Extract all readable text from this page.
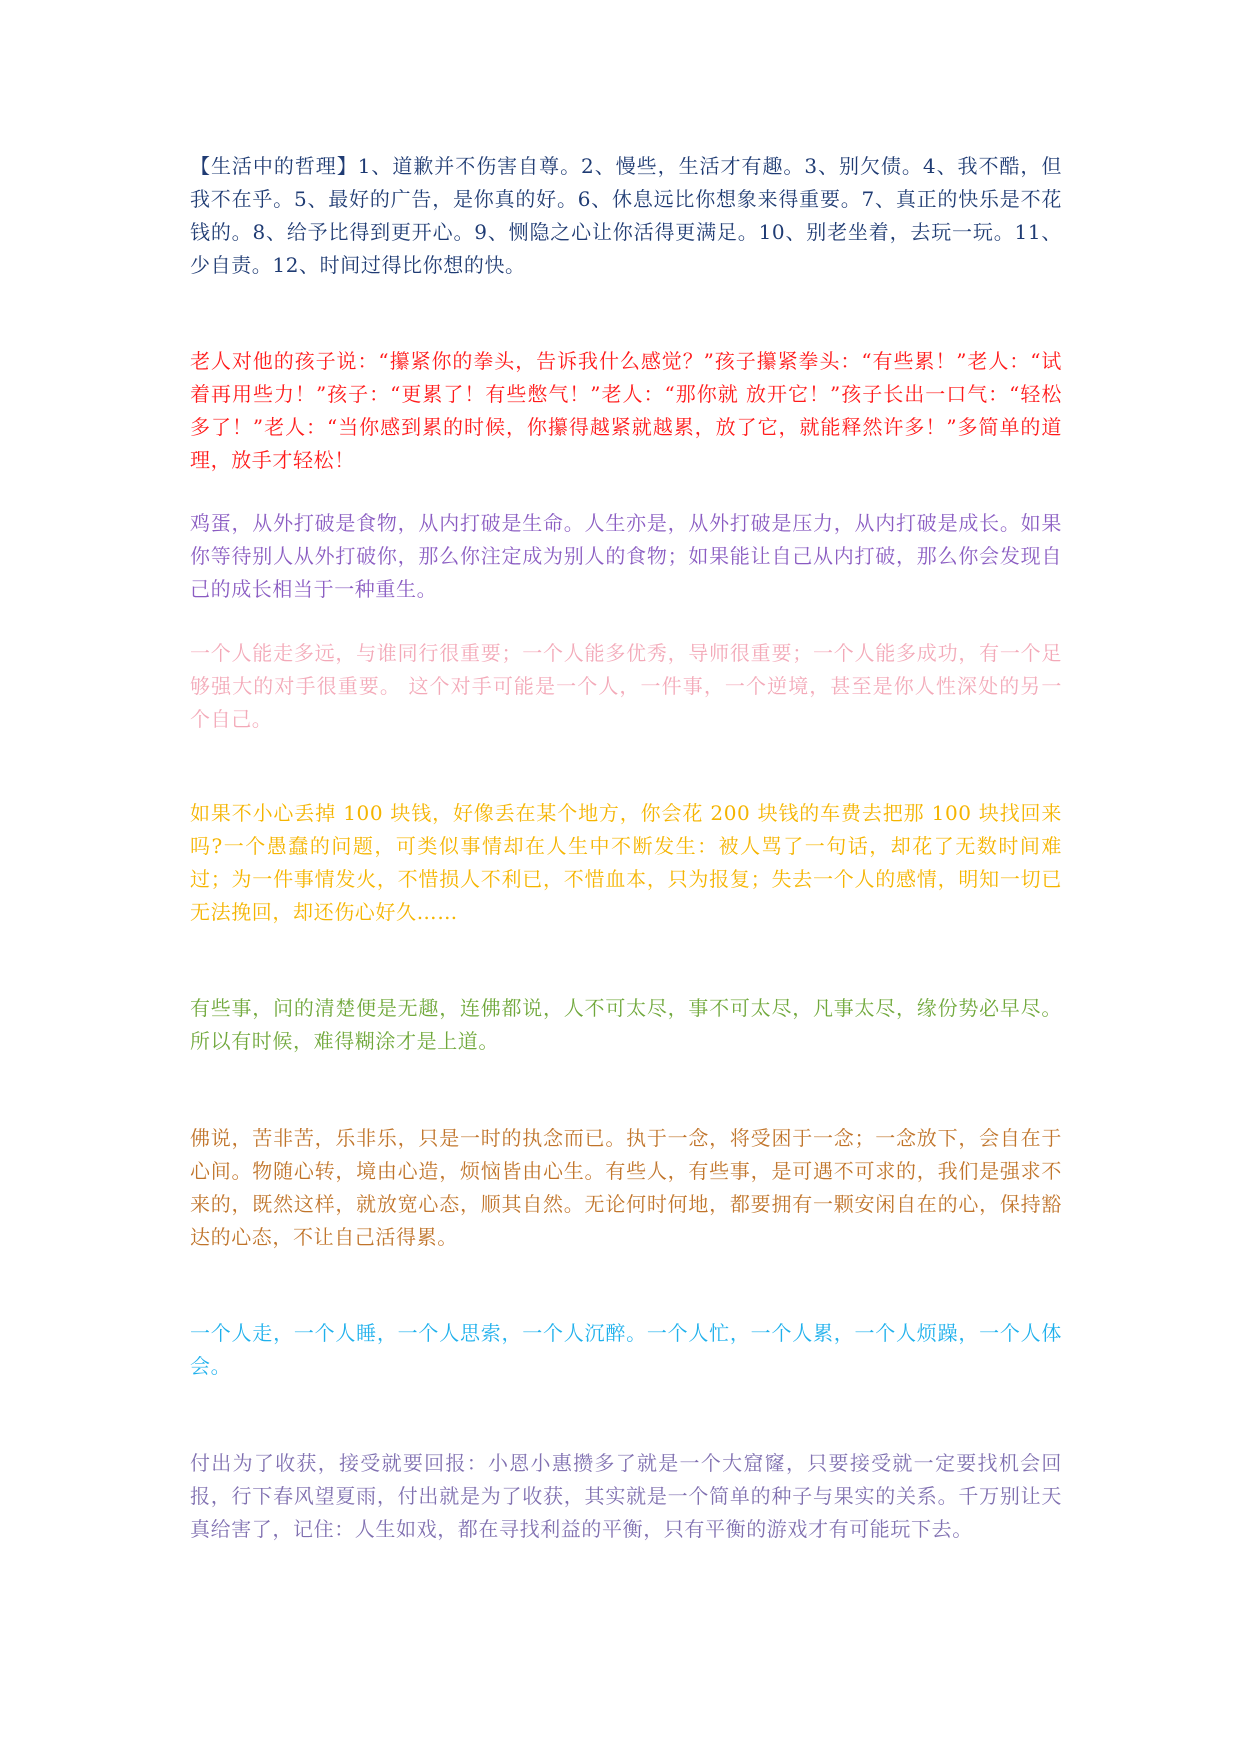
【生活中的哲理】1、道歉并不伤害自尊。2、慢些，生活才有趣。3、别欠债。4、我不酷，但我不在乎。5、最好的广告，是你真的好。6、休息远比你想象来得重要。7、真正的快乐是不花钱的。8、给予比得到更开心。9、恻隐之心让你活得更满足。10、别老坐着，去玩一玩。11、少自责。12、时间过得比你想的快。

老人对他的孩子说：“攥紧你的拳头，告诉我什么感觉？”孩子攥紧拳头：“有些累！”老人：“试着再用些力！”孩子：“更累了！有些憋气！”老人：“那你就 放开它！”孩子长出一口气：“轻松多了！”老人：“当你感到累的时候，你攥得越紧就越累，放了它，就能释然许多！”多简单的道理，放手才轻松！

鸡蛋，从外打破是食物，从内打破是生命。人生亦是，从外打破是压力，从内打破是成长。如果你等待别人从外打破你，那么你注定成为别人的食物；如果能让自己从内打破，那么你会发现自己的成长相当于一种重生。

一个人能走多远，与谁同行很重要；一个人能多优秀，导师很重要；一个人能多成功，有一个足够强大的对手很重要。 这个对手可能是一个人，一件事，一个逆境，甚至是你人性深处的另一个自己。

如果不小心丢掉 100 块钱，好像丢在某个地方，你会花 200 块钱的车费去把那 100 块找回来吗?一个愚蠢的问题，可类似事情却在人生中不断发生：被人骂了一句话，却花了无数时间难过；为一件事情发火，不惜损人不利已，不惜血本，只为报复；失去一个人的感情，明知一切已无法挽回，却还伤心好久……

有些事，问的清楚便是无趣，连佛都说，人不可太尽，事不可太尽，凡事太尽，缘份势必早尽。所以有时候，难得糊涂才是上道。

佛说，苦非苦，乐非乐，只是一时的执念而已。执于一念，将受困于一念；一念放下，会自在于心间。物随心转，境由心造，烦恼皆由心生。有些人，有些事，是可遇不可求的，我们是强求不来的，既然这样，就放宽心态，顺其自然。无论何时何地，都要拥有一颗安闲自在的心，保持豁达的心态，不让自己活得累。

一个人走，一个人睡，一个人思索，一个人沉醉。一个人忙，一个人累，一个人烦躁，一个人体会。

付出为了收获，接受就要回报：小恩小惠攒多了就是一个大窟窿，只要接受就一定要找机会回报，行下春风望夏雨，付出就是为了收获，其实就是一个简单的种子与果实的关系。千万别让天真给害了，记住：人生如戏，都在寻找利益的平衡，只有平衡的游戏才有可能玩下去。
